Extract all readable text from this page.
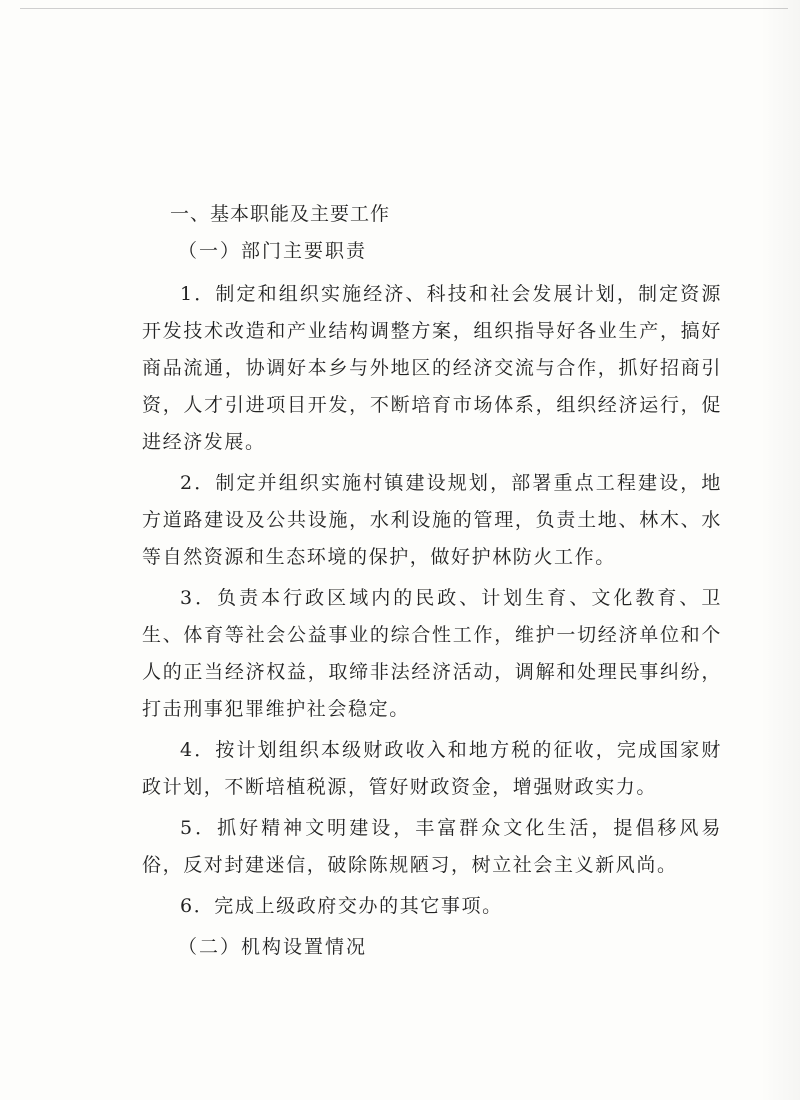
一、基本职能及主要工作
（一）部门主要职责

1．制定和组织实施经济、科技和社会发展计划，制定资源开发技术改造和产业结构调整方案，组织指导好各业生产，搞好商品流通，协调好本乡与外地区的经济交流与合作，抓好招商引资，人才引进项目开发，不断培育市场体系，组织经济运行，促进经济发展。

2．制定并组织实施村镇建设规划，部署重点工程建设，地方道路建设及公共设施，水利设施的管理，负责土地、林木、水等自然资源和生态环境的保护，做好护林防火工作。

3．负责本行政区域内的民政、计划生育、文化教育、卫生、体育等社会公益事业的综合性工作，维护一切经济单位和个人的正当经济权益，取缔非法经济活动，调解和处理民事纠纷，打击刑事犯罪维护社会稳定。

4．按计划组织本级财政收入和地方税的征收，完成国家财政计划，不断培植税源，管好财政资金，增强财政实力。

5．抓好精神文明建设，丰富群众文化生活，提倡移风易俗，反对封建迷信，破除陈规陋习，树立社会主义新风尚。

6．完成上级政府交办的其它事项。

（二）机构设置情况
